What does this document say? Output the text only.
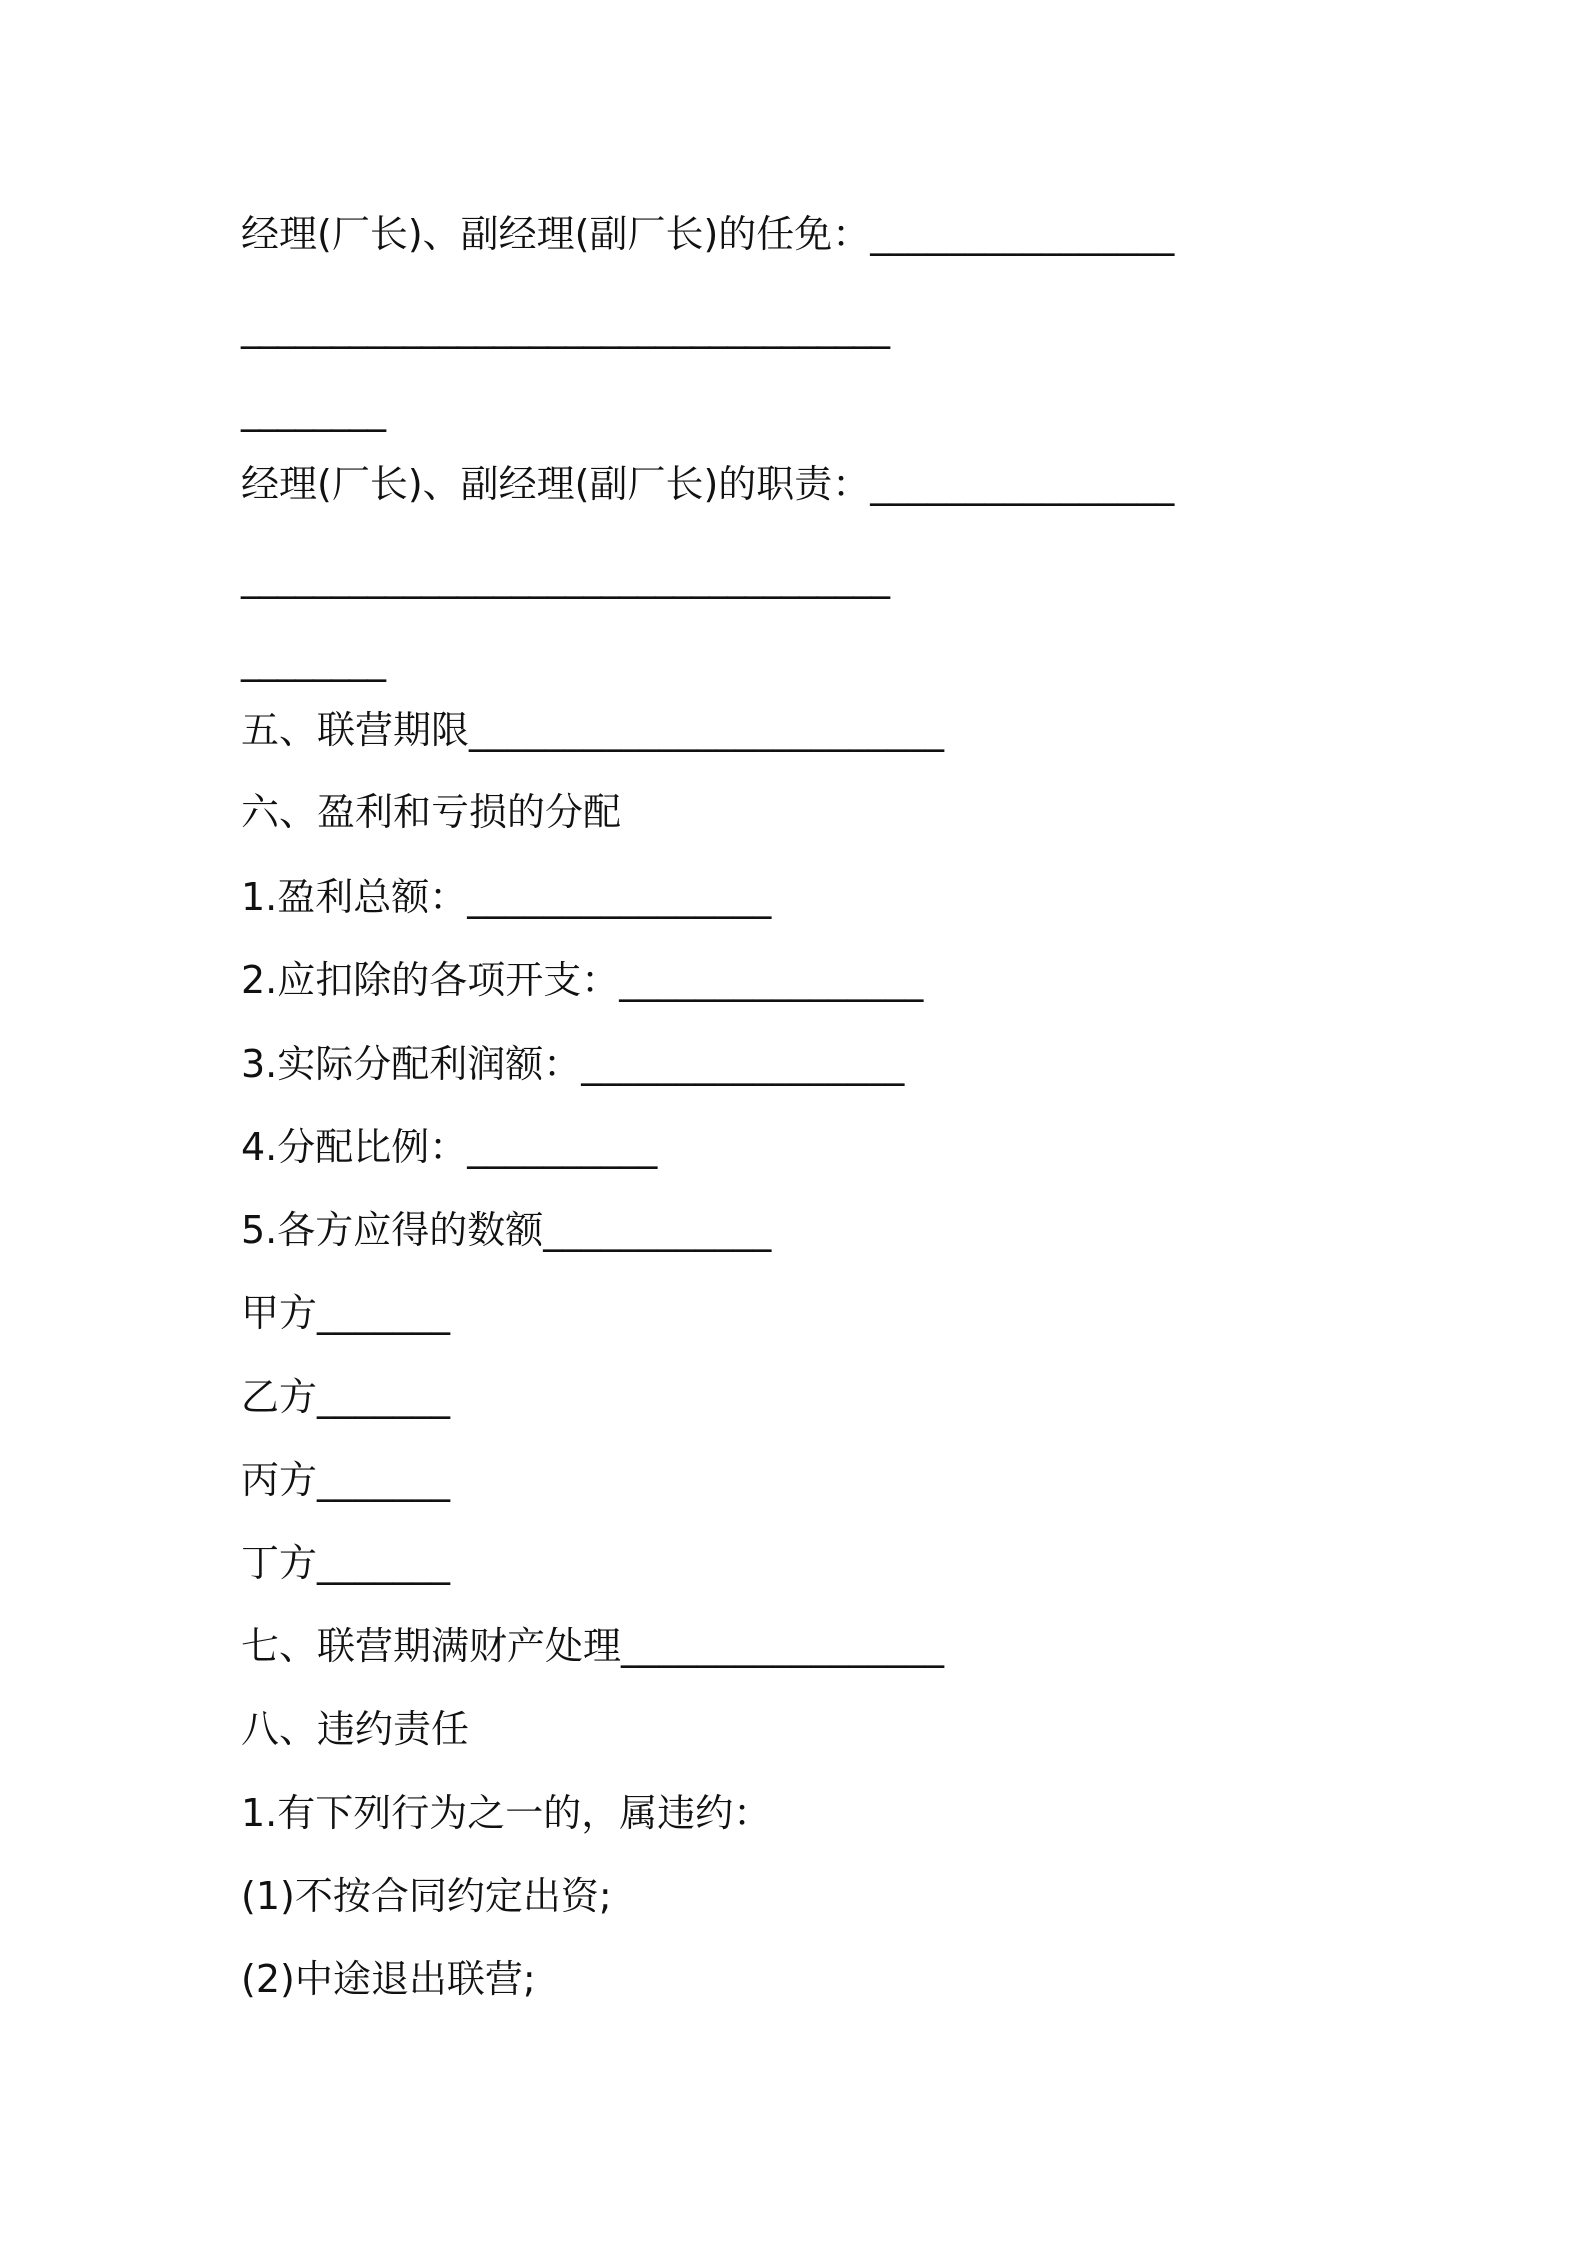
经理(厂长)、副经理(副厂长)的任免：________________
____________________________________
________
经理(厂长)、副经理(副厂长)的职责：________________
____________________________________
________
五、联营期限_________________________
六、盈利和亏损的分配
1.盈利总额：________________
2.应扣除的各项开支：________________
3.实际分配利润额：_________________
4.分配比例：__________
5.各方应得的数额____________
甲方_______
乙方_______
丙方_______
丁方_______
七、联营期满财产处理_________________
八、违约责任
1.有下列行为之一的，属违约：
(1)不按合同约定出资;
(2)中途退出联营;
